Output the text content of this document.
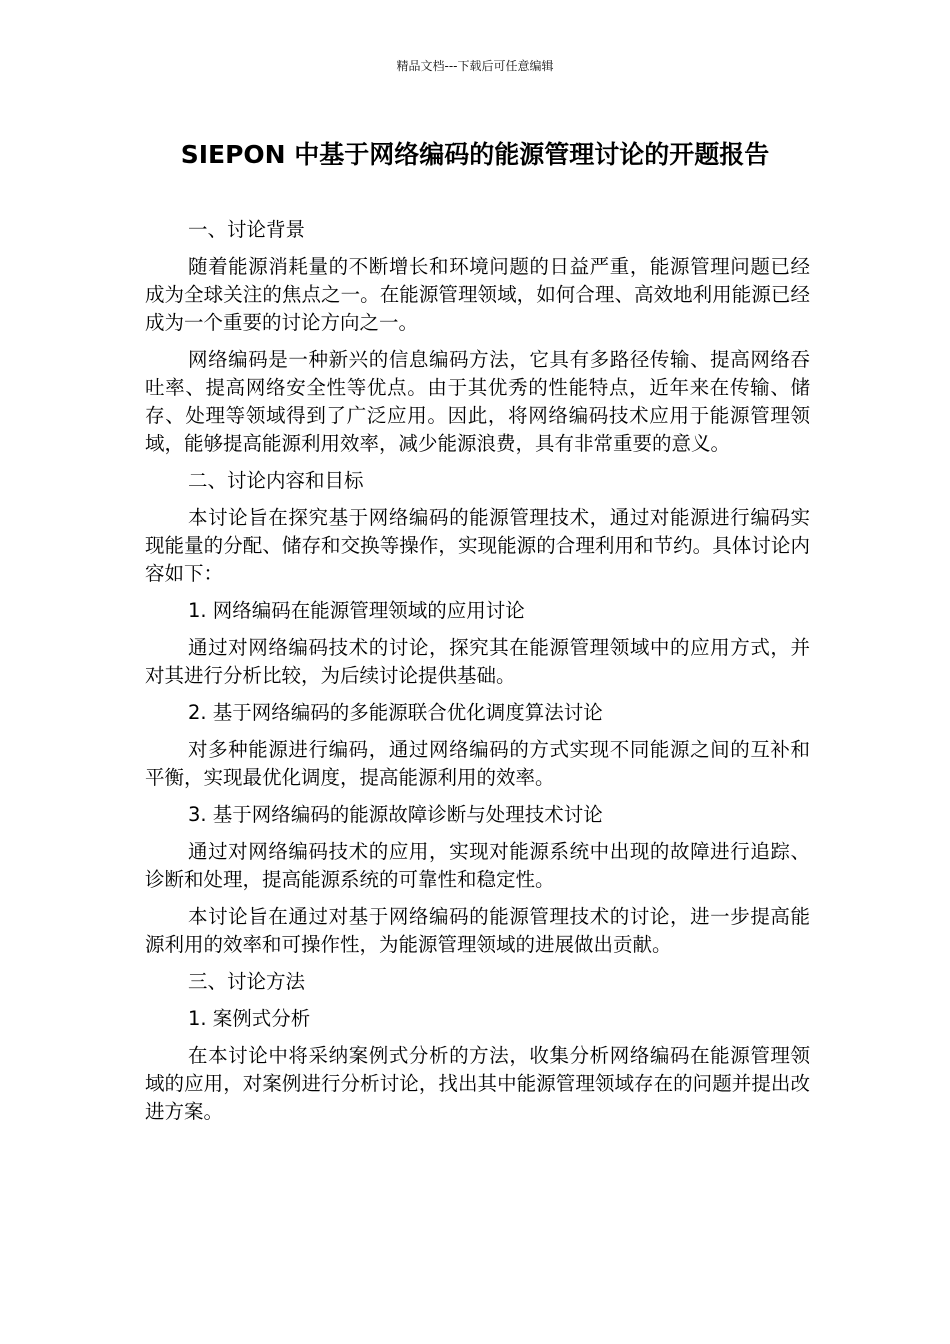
精品文档---下载后可任意编辑
SIEPON 中基于网络编码的能源管理讨论的开题报告

一、讨论背景

随着能源消耗量的不断增长和环境问题的日益严重，能源管理问题已经成为全球关注的焦点之一。在能源管理领域，如何合理、高效地利用能源已经成为一个重要的讨论方向之一。

网络编码是一种新兴的信息编码方法，它具有多路径传输、提高网络吞吐率、提高网络安全性等优点。由于其优秀的性能特点，近年来在传输、储存、处理等领域得到了广泛应用。因此，将网络编码技术应用于能源管理领域，能够提高能源利用效率，减少能源浪费，具有非常重要的意义。

二、讨论内容和目标

本讨论旨在探究基于网络编码的能源管理技术，通过对能源进行编码实现能量的分配、储存和交换等操作，实现能源的合理利用和节约。具体讨论内容如下：

1. 网络编码在能源管理领域的应用讨论

通过对网络编码技术的讨论，探究其在能源管理领域中的应用方式，并对其进行分析比较，为后续讨论提供基础。

2. 基于网络编码的多能源联合优化调度算法讨论

对多种能源进行编码，通过网络编码的方式实现不同能源之间的互补和平衡，实现最优化调度，提高能源利用的效率。

3. 基于网络编码的能源故障诊断与处理技术讨论

通过对网络编码技术的应用，实现对能源系统中出现的故障进行追踪、诊断和处理，提高能源系统的可靠性和稳定性。

本讨论旨在通过对基于网络编码的能源管理技术的讨论，进一步提高能源利用的效率和可操作性，为能源管理领域的进展做出贡献。

三、讨论方法

1. 案例式分析

在本讨论中将采纳案例式分析的方法，收集分析网络编码在能源管理领域的应用，对案例进行分析讨论，找出其中能源管理领域存在的问题并提出改进方案。
